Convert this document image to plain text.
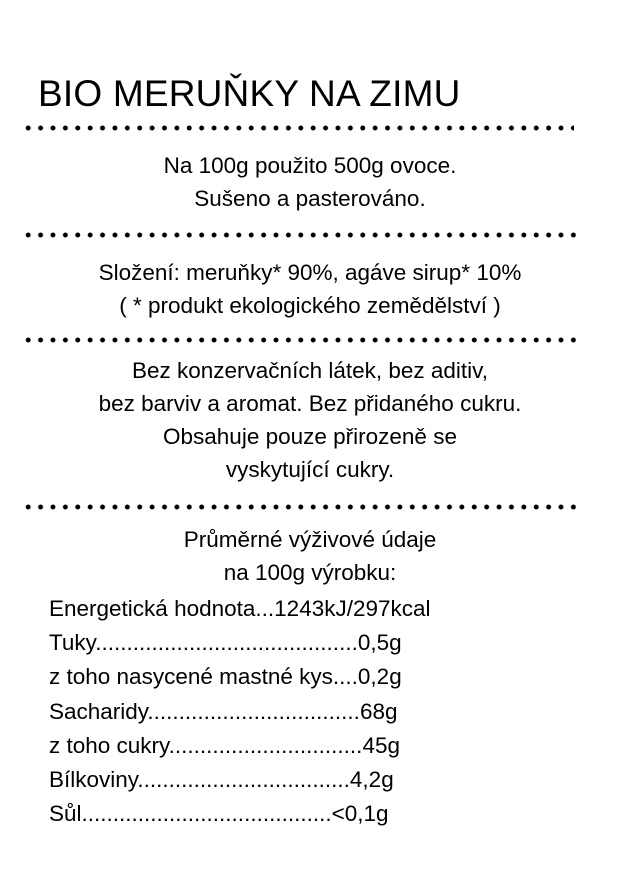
BIO MERUŇKY NA ZIMU
Na 100g použito 500g ovoce.
Sušeno a pasterováno.
Složení: meruňky* 90%, agáve sirup* 10%
( * produkt ekologického zemědělství )
Bez konzervačních látek, bez aditiv,
bez barviv a aromat. Bez přidaného cukru.
Obsahuje pouze přirozeně se
vyskytující cukry.
Průměrné výživové údaje
na 100g výrobku:
Energetická hodnota...1243kJ/297kcal
Tuky..........................................0,5g
z toho nasycené mastné kys....0,2g
Sacharidy..................................68g
z toho cukry...............................45g
Bílkoviny..................................4,2g
Sůl........................................<0,1g
